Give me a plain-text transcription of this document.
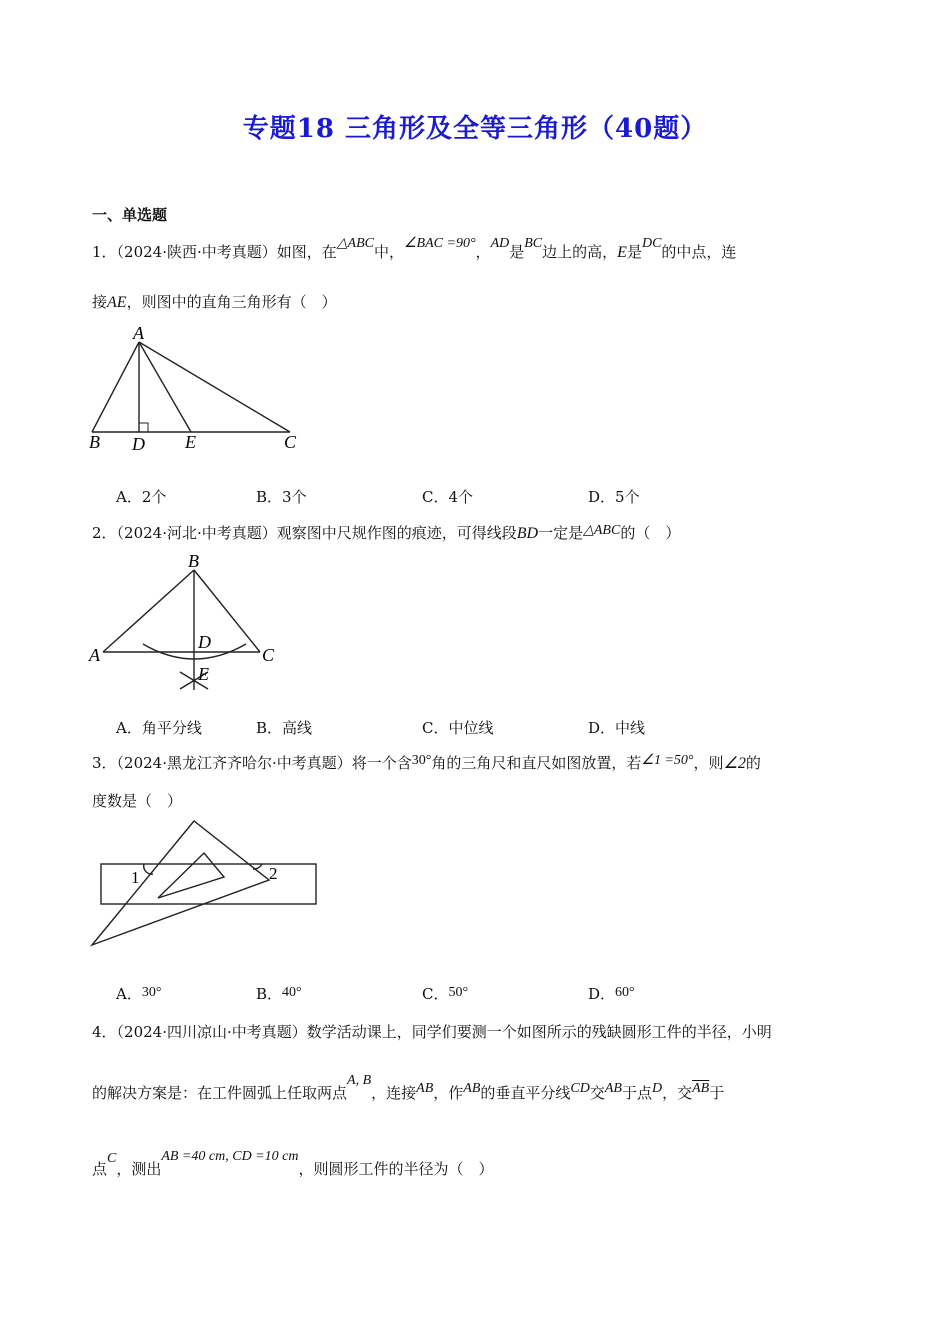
专题18 三角形及全等三角形（40题）
一、单选题
1．（2024·陕西·中考真题）如图，在△ABC中，∠BAC =90°，AD是BC边上的高，E是DC的中点，连
接AE，则图中的直角三角形有（　）
A
B D E	C
A．2个	B．3个	C．4个	D．5个
2．（2024·河北·中考真题）观察图中尺规作图的痕迹，可得线段BD一定是△ABC的（　）
B
A	C
D
E
A．角平分线	B．高线	C．中位线	D．中线
3．（2024·黑龙江齐齐哈尔·中考真题）将一个含30°角的三角尺和直尺如图放置，若∠1 =50°，则∠2的
度数是（　）
1	2
A．30°	B．40°	C．50°	D．60°
4．（2024·四川凉山·中考真题）数学活动课上，同学们要测一个如图所示的残缺圆形工件的半径，小明
的解决方案是：在工件圆弧上任取两点A, B，连接AB，作AB的垂直平分线CD交AB于点D，交$\overline{AB}$于
点C，测出AB =40 cm, CD =10 cm，则圆形工件的半径为（　）
